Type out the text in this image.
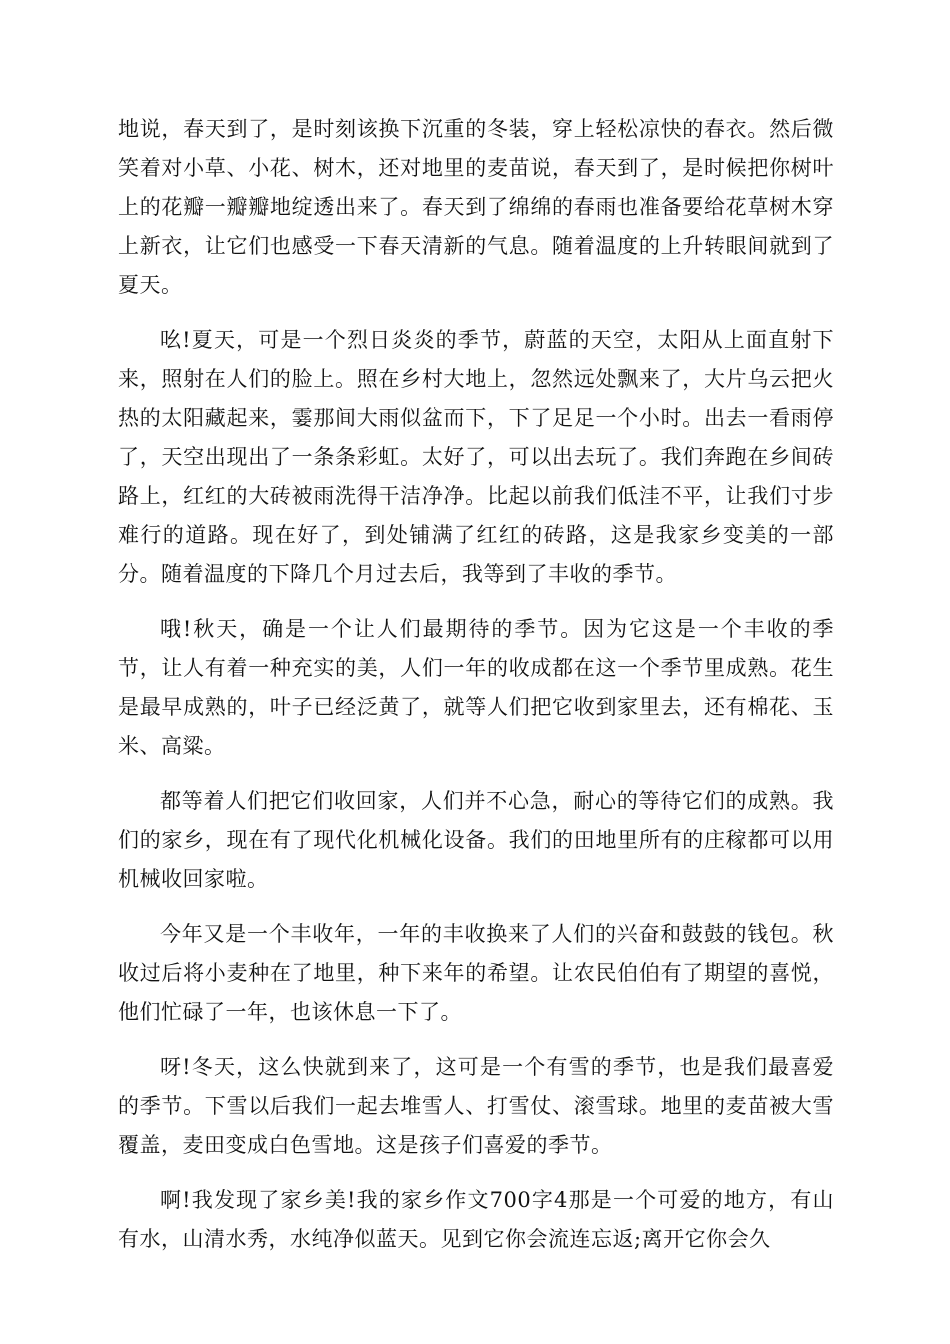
地说，春天到了，是时刻该换下沉重的冬装，穿上轻松凉快的春衣。然后微笑着对小草、小花、树木，还对地里的麦苗说，春天到了，是时候把你树叶上的花瓣一瓣瓣地绽透出来了。春天到了绵绵的春雨也准备要给花草树木穿上新衣，让它们也感受一下春天清新的气息。随着温度的上升转眼间就到了夏天。

吆!夏天，可是一个烈日炎炎的季节，蔚蓝的天空，太阳从上面直射下来，照射在人们的脸上。照在乡村大地上，忽然远处飘来了，大片乌云把火热的太阳藏起来，霎那间大雨似盆而下，下了足足一个小时。出去一看雨停了，天空出现出了一条条彩虹。太好了，可以出去玩了。我们奔跑在乡间砖路上，红红的大砖被雨洗得干洁净净。比起以前我们低洼不平，让我们寸步难行的道路。现在好了，到处铺满了红红的砖路，这是我家乡变美的一部分。随着温度的下降几个月过去后，我等到了丰收的季节。

哦!秋天，确是一个让人们最期待的季节。因为它这是一个丰收的季节，让人有着一种充实的美，人们一年的收成都在这一个季节里成熟。花生是最早成熟的，叶子已经泛黄了，就等人们把它收到家里去，还有棉花、玉米、高粱。

都等着人们把它们收回家，人们并不心急，耐心的等待它们的成熟。我们的家乡，现在有了现代化机械化设备。我们的田地里所有的庄稼都可以用机械收回家啦。

今年又是一个丰收年，一年的丰收换来了人们的兴奋和鼓鼓的钱包。秋收过后将小麦种在了地里，种下来年的希望。让农民伯伯有了期望的喜悦，他们忙碌了一年，也该休息一下了。

呀!冬天，这么快就到来了，这可是一个有雪的季节，也是我们最喜爱的季节。下雪以后我们一起去堆雪人、打雪仗、滚雪球。地里的麦苗被大雪覆盖，麦田变成白色雪地。这是孩子们喜爱的季节。

啊!我发现了家乡美!我的家乡作文700字4那是一个可爱的地方，有山有水，山清水秀，水纯净似蓝天。见到它你会流连忘返;离开它你会久
